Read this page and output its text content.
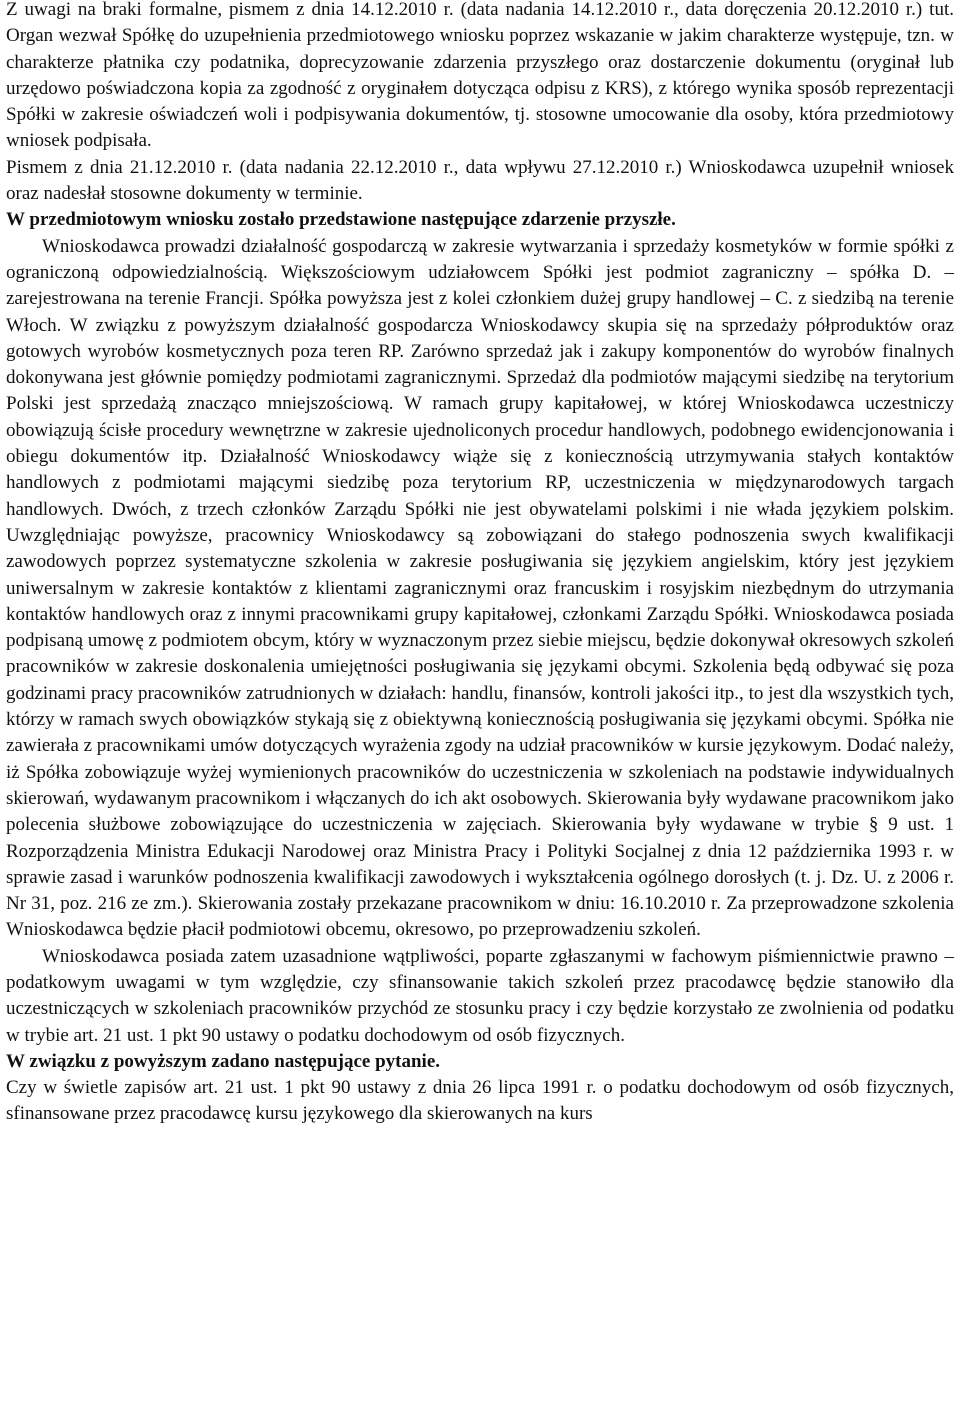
Z uwagi na braki formalne, pismem z dnia 14.12.2010 r. (data nadania 14.12.2010 r., data doręczenia 20.12.2010 r.) tut. Organ wezwał Spółkę do uzupełnienia przedmiotowego wniosku poprzez wskazanie w jakim charakterze występuje, tzn. w charakterze płatnika czy podatnika, doprecyzowanie zdarzenia przyszłego oraz dostarczenie dokumentu (oryginał lub urzędowo poświadczona kopia za zgodność z oryginałem dotycząca odpisu z KRS), z którego wynika sposób reprezentacji Spółki w zakresie oświadczeń woli i podpisywania dokumentów, tj. stosowne umocowanie dla osoby, która przedmiotowy wniosek podpisała.

Pismem z dnia 21.12.2010 r. (data nadania 22.12.2010 r., data wpływu 27.12.2010 r.) Wnioskodawca uzupełnił wniosek oraz nadesłał stosowne dokumenty w terminie.

W przedmiotowym wniosku zostało przedstawione następujące zdarzenie przyszłe.

Wnioskodawca prowadzi działalność gospodarczą w zakresie wytwarzania i sprzedaży kosmetyków w formie spółki z ograniczoną odpowiedzialnością. Większościowym udziałowcem Spółki jest podmiot zagraniczny – spółka D. – zarejestrowana na terenie Francji. Spółka powyższa jest z kolei członkiem dużej grupy handlowej – C. z siedzibą na terenie Włoch. W związku z powyższym działalność gospodarcza Wnioskodawcy skupia się na sprzedaży półproduktów oraz gotowych wyrobów kosmetycznych poza teren RP. Zarówno sprzedaż jak i zakupy komponentów do wyrobów finalnych dokonywana jest głównie pomiędzy podmiotami zagranicznymi. Sprzedaż dla podmiotów mającymi siedzibę na terytorium Polski jest sprzedażą znacząco mniejszościową. W ramach grupy kapitałowej, w której Wnioskodawca uczestniczy obowiązują ścisłe procedury wewnętrzne w zakresie ujednoliconych procedur handlowych, podobnego ewidencjonowania i obiegu dokumentów itp. Działalność Wnioskodawcy wiąże się z koniecznością utrzymywania stałych kontaktów handlowych z podmiotami mającymi siedzibę poza terytorium RP, uczestniczenia w międzynarodowych targach handlowych. Dwóch, z trzech członków Zarządu Spółki nie jest obywatelami polskimi i nie włada językiem polskim. Uwzględniając powyższe, pracownicy Wnioskodawcy są zobowiązani do stałego podnoszenia swych kwalifikacji zawodowych poprzez systematyczne szkolenia w zakresie posługiwania się językiem angielskim, który jest językiem uniwersalnym w zakresie kontaktów z klientami zagranicznymi oraz francuskim i rosyjskim niezbędnym do utrzymania kontaktów handlowych oraz z innymi pracownikami grupy kapitałowej, członkami Zarządu Spółki. Wnioskodawca posiada podpisaną umowę z podmiotem obcym, który w wyznaczonym przez siebie miejscu, będzie dokonywał okresowych szkoleń pracowników w zakresie doskonalenia umiejętności posługiwania się językami obcymi. Szkolenia będą odbywać się poza godzinami pracy pracowników zatrudnionych w działach: handlu, finansów, kontroli jakości itp., to jest dla wszystkich tych, którzy w ramach swych obowiązków stykają się z obiektywną koniecznością posługiwania się językami obcymi. Spółka nie zawierała z pracownikami umów dotyczących wyrażenia zgody na udział pracowników w kursie językowym. Dodać należy, iż Spółka zobowiązuje wyżej wymienionych pracowników do uczestniczenia w szkoleniach na podstawie indywidualnych skierowań, wydawanym pracownikom i włączanych do ich akt osobowych. Skierowania były wydawane pracownikom jako polecenia służbowe zobowiązujące do uczestniczenia w zajęciach. Skierowania były wydawane w trybie § 9 ust. 1 Rozporządzenia Ministra Edukacji Narodowej oraz Ministra Pracy i Polityki Socjalnej z dnia 12 października 1993 r. w sprawie zasad i warunków podnoszenia kwalifikacji zawodowych i wykształcenia ogólnego dorosłych (t. j. Dz. U. z 2006 r. Nr 31, poz. 216 ze zm.). Skierowania zostały przekazane pracownikom w dniu: 16.10.2010 r. Za przeprowadzone szkolenia Wnioskodawca będzie płacił podmiotowi obcemu, okresowo, po przeprowadzeniu szkoleń.

Wnioskodawca posiada zatem uzasadnione wątpliwości, poparte zgłaszanymi w fachowym piśmiennictwie prawno – podatkowym uwagami w tym względzie, czy sfinansowanie takich szkoleń przez pracodawcę będzie stanowiło dla uczestniczących w szkoleniach pracowników przychód ze stosunku pracy i czy będzie korzystało ze zwolnienia od podatku w trybie art. 21 ust. 1 pkt 90 ustawy o podatku dochodowym od osób fizycznych.

W związku z powyższym zadano następujące pytanie.

Czy w świetle zapisów art. 21 ust. 1 pkt 90 ustawy z dnia 26 lipca 1991 r. o podatku dochodowym od osób fizycznych, sfinansowane przez pracodawcę kursu językowego dla skierowanych na kurs
